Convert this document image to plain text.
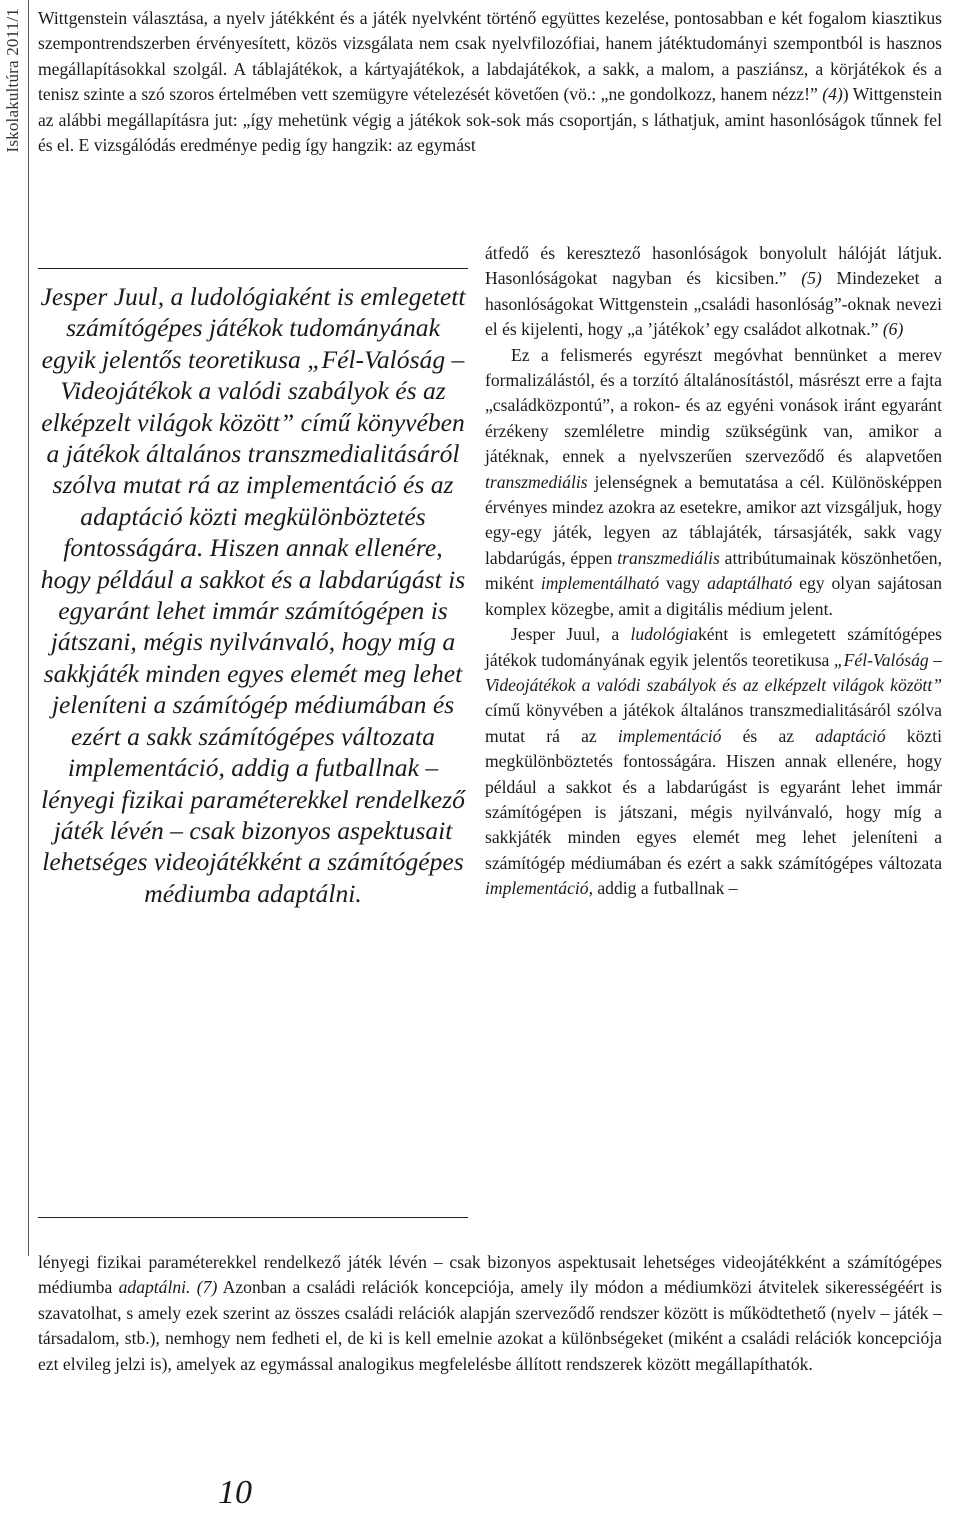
Iskolakultúra 2011/1 Wittgenstein választása, a nyelv játékként és a játék nyelvként történő együttes kezelése, pontosabban e két fogalom kiasztikus szempontrendszerben érvényesített, közös vizsgálata nem csak nyelvfilozófiai, hanem játéktudományi szempontból is hasznos megállapításokkal szolgál. A táblajátékok, a kártyajátékok, a labdajátékok, a sakk, a malom, a pasziánsz, a körjátékok és a tenisz szinte a szó szoros értelmében vett szemügyre vételezését követően (vö.: „ne gondolkozz, hanem nézz!” (4)) Wittgenstein az alábbi megállapításra jut: „így mehetünk végig a játékok sok-sok más csoportján, s láthatjuk, amint hasonlóságok tűnnek fel és el. E vizsgálódás eredménye pedig így hangzik: az egymást

Jesper Juul, a ludológiaként is emlegetett számítógépes játékok tudományának egyik jelentős teoretikusa „Fél-Valóság – Videojátékok a valódi szabályok és az elképzelt világok között” című könyvében a játékok általános transzmedialitásáról szólva mutat rá az implementáció és az adaptáció közti megkülönböztetés fontosságára. Hiszen annak ellenére, hogy például a sakkot és a labdarúgást is egyaránt lehet immár számítógépen is játszani, mégis nyilvánvaló, hogy míg a sakkjáték minden egyes elemét meg lehet jeleníteni a számítógép médiumában és ezért a sakk számítógépes változata implementáció, addig a futballnak – lényegi fizikai paraméterekkel rendelkező játék lévén – csak bizonyos aspektusait lehetséges videojátékként a számítógépes médiumba adaptálni.

átfedő és keresztező hasonlóságok bonyolult hálóját látjuk. Hasonlóságokat nagyban és kicsiben.” (5) Mindezeket a hasonlóságokat Wittgenstein „családi hasonlóság”-oknak nevezi el és kijelenti, hogy „a ’játékok’ egy családot alkotnak.” (6)

Ez a felismerés egyrészt megóvhat bennünket a merev formalizálástól, és a torzító általánosítástól, másrészt erre a fajta „családközpontú”, a rokon- és az egyéni vonások iránt egyaránt érzékeny szemléletre mindig szükségünk van, amikor a játéknak, ennek a nyelvszerűen szerveződő és alapvetően transzmediális jelenségnek a bemutatása a cél. Különösképpen érvényes mindez azokra az esetekre, amikor azt vizsgáljuk, hogy egy-egy játék, legyen az táblajáték, társasjáték, sakk vagy labdarúgás, éppen transzmediális attribútumainak köszönhetően, miként implementálható vagy adaptálható egy olyan sajátosan komplex közegbe, amit a digitális médium jelent.

Jesper Juul, a ludológiaként is emlegetett számítógépes játékok tudományának egyik jelentős teoretikusa „Fél-Valóság – Videojátékok a valódi szabályok és az elképzelt világok között” című könyvében a játékok általános transzmedialitásáról szólva mutat rá az implementáció és az adaptáció közti megkülönböztetés fontosságára. Hiszen annak ellenére, hogy például a sakkot és a labdarúgást is egyaránt lehet immár számítógépen is játszani, mégis nyilvánvaló, hogy míg a sakkjáték minden egyes elemét meg lehet jeleníteni a számítógép médiumában és ezért a sakk számítógépes változata implementáció, addig a futballnak –

lényegi fizikai paraméterekkel rendelkező játék lévén – csak bizonyos aspektusait lehetséges videojátékként a számítógépes médiumba adaptálni. (7) Azonban a családi relációk koncepciója, amely ily módon a médiumközi átvitelek sikerességéért is szavatolhat, s amely ezek szerint az összes családi relációk alapján szerveződő rendszer között is működtethető (nyelv – játék – társadalom, stb.), nemhogy nem fedheti el, de ki is kell emelnie azokat a különbségeket (miként a családi relációk koncepciója ezt elvileg jelzi is), amelyek az egymással analogikus megfelelésbe állított rendszerek között megállapíthatók.

10
